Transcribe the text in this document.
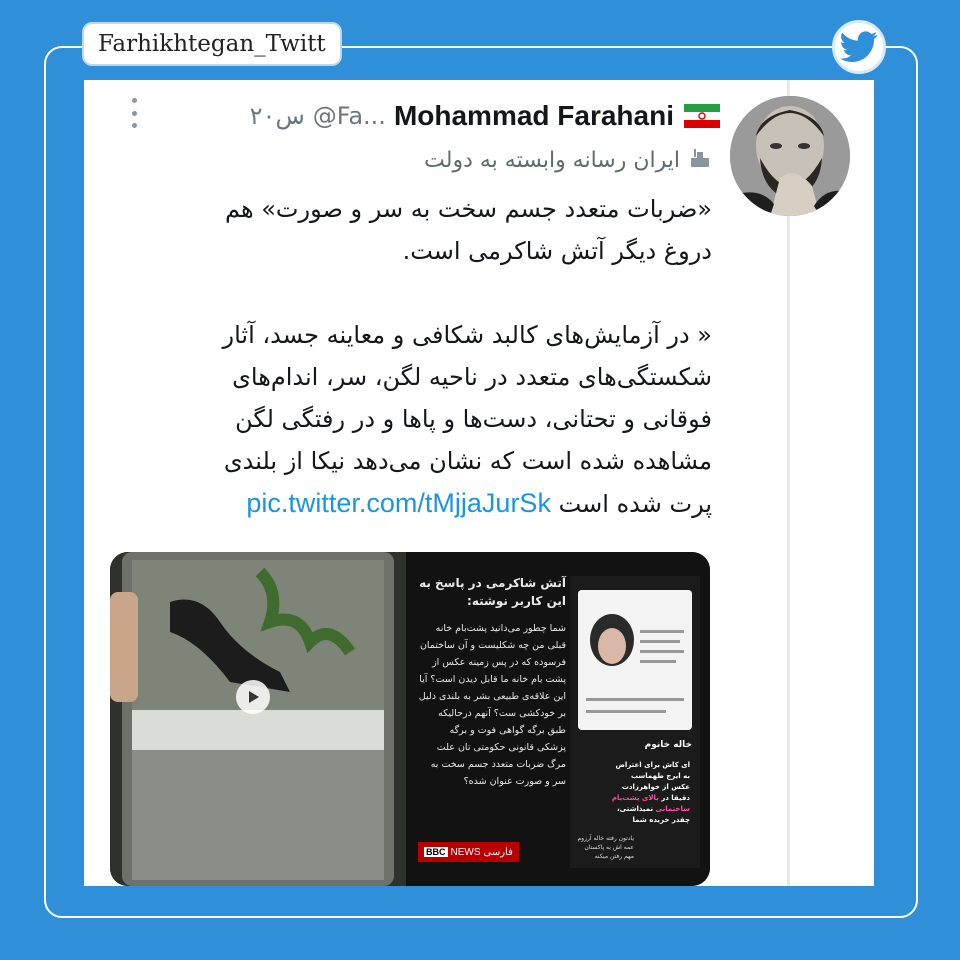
Farhikhtegan_Twitt
۲۰س @Fa... Mohammad Farahani
ایران رسانه وابسته به دولت

«ضربات متعدد جسم سخت به سر و صورت» هم

دروغ دیگر آتش شاکرمی است.

« در آزمایش‌های کالبد شکافی و معاینه جسد، آثار

شکستگی‌های متعدد در ناحیه لگن، سر، اندام‌های

فوقانی و تحتانی، دست‌ها و پاها و در رفتگی لگن

مشاهده شده است که نشان می‌دهد نیکا از بلندی

پرت شده است pic.twitter.com/tMjjaJurSk

آتش شاکرمی در پاسخ به این کاربر نوشته:
شما چطور می‌دانید پشت‌بام خانه قبلی من چه شکلیست و آن ساختمان فرسوده که در پس زمینه عکس از پشت بام خانه ما قابل دیدن است؟ آیا این علاقه‌ی طبیعی بشر به بلندی دلیل بر خودکشی ست؟ آنهم درحالیکه طبق برگه گواهی فوت و برگه پزشکی قانونی حکومتی تان علت مرگ ضربات متعدد جسم سخت به سر و صورت عنوان شده؟
BBC NEWS فارسی
خاله خانوم
ای کاش برای اعتراض
به ایرج طهماسب
عکس از خواهرزادت
دقیقا در بالای پشت‌بام
ساختمانی نمیذاشتی،
چقدر خریده شما
یادتون رفته خاله آرزوم عمه اش به پاکستان مهم رفتن میکنه
